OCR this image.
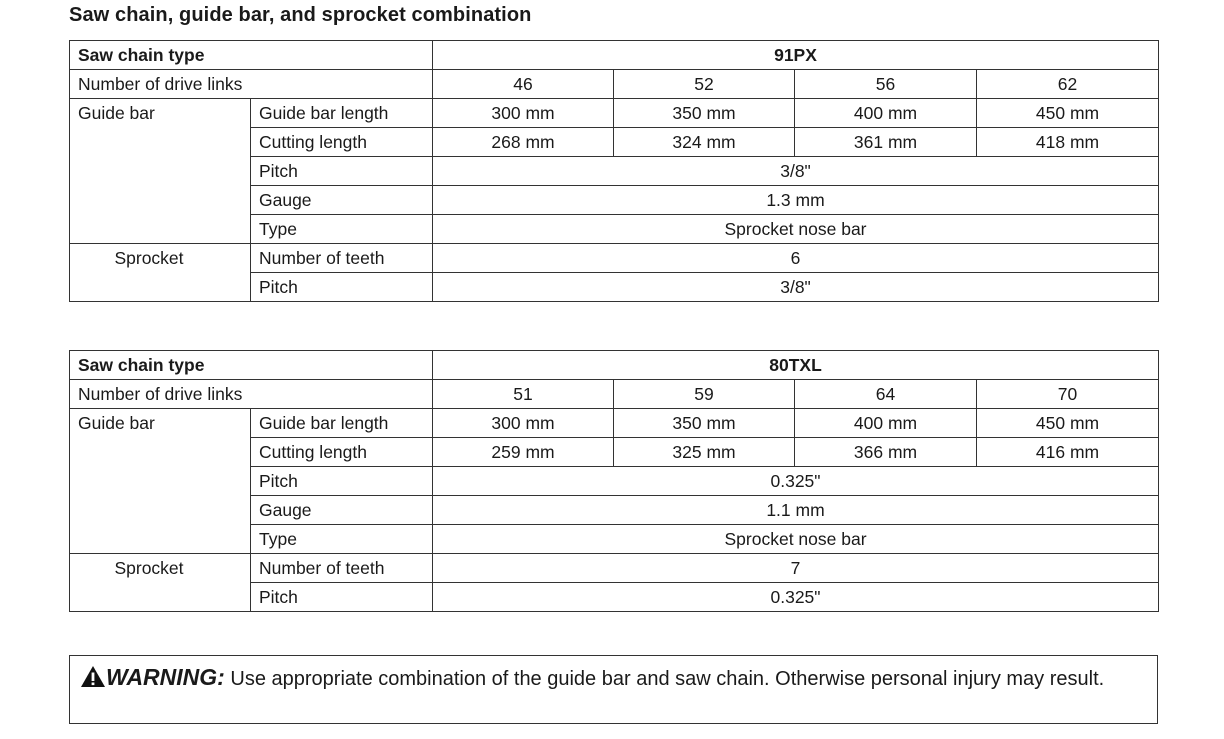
Saw chain, guide bar, and sprocket combination
Saw chain type		91PX			
Number of drive links		46	52	56	62
Guide bar	Guide bar length	300 mm	350 mm	400 mm	450 mm
	Cutting length	268 mm	324 mm	361 mm	418 mm
	Pitch	3/8"			
	Gauge	1.3 mm			
	Type	Sprocket nose bar			
Sprocket	Number of teeth	6			
	Pitch	3/8"			
Saw chain type		80TXL			
Number of drive links		51	59	64	70
Guide bar	Guide bar length	300 mm	350 mm	400 mm	450 mm
	Cutting length	259 mm	325 mm	366 mm	416 mm
	Pitch	0.325"			
	Gauge	1.1 mm			
	Type	Sprocket nose bar			
Sprocket	Number of teeth	7			
	Pitch	0.325"			
WARNING: Use appropriate combination of the guide bar and saw chain. Otherwise personal injury may result.
